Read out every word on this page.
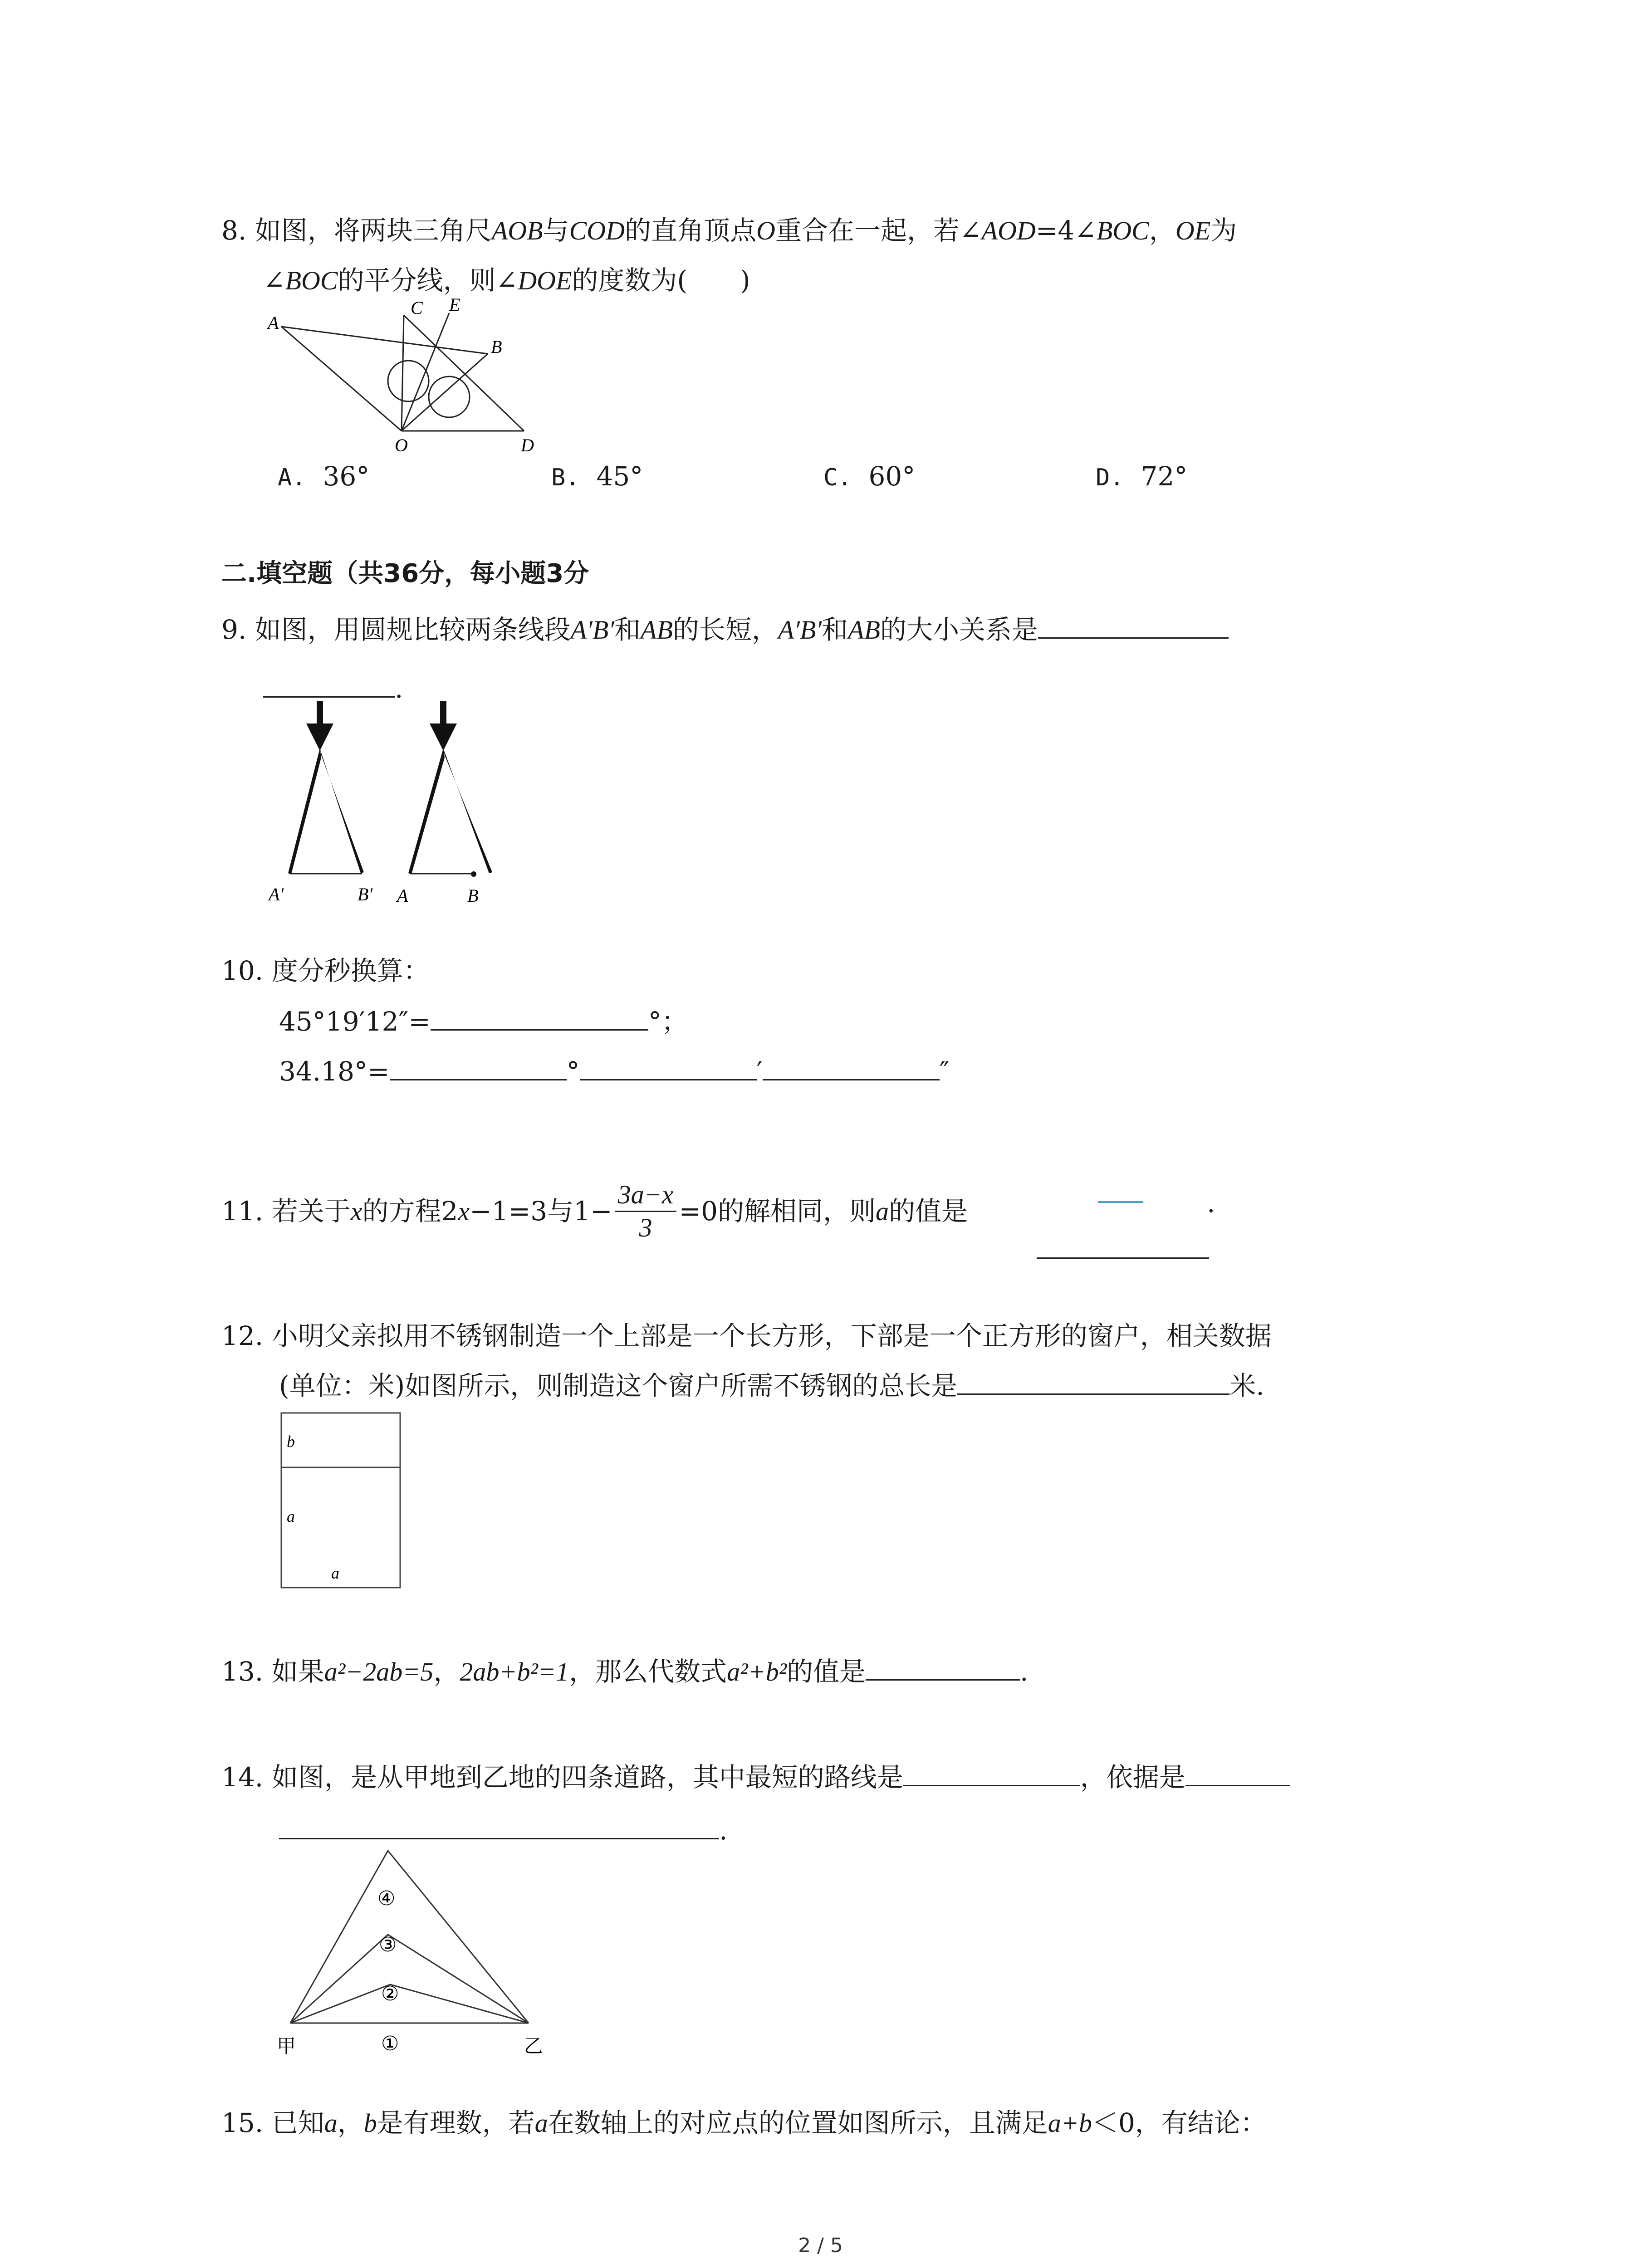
8. 如图，将两块三角尺AOB与COD的直角顶点O重合在一起，若∠AOD=4∠BOC，OE为
∠BOC的平分线，则∠DOE的度数为(　　)
A
B
C E
O	D
A. 36°	B. 45°	C. 60°	D. 72°
二.填空题（共36分，每小题3分
9. 如图，用圆规比较两条线段A′B′和AB的长短，A′B′和AB的大小关系是
.
A′	B′ A	B
10. 度分秒换算：
45°19′12″=	°；
34.18°=	°	′	″
11. 若关于x的方程2x−1=3与$1- \frac{3a-x}{3} =0$的解相同，则a的值是	.
12. 小明父亲拟用不锈钢制造一个上部是一个长方形，下部是一个正方形的窗户，相关数据
(单位：米)如图所示，则制造这个窗户所需不锈钢的总长是	米.
b
a
a
13. 如果a²−2ab=5，2ab+b²=1，那么代数式a²+b²的值是	.
14. 如图，是从甲地到乙地的四条道路，其中最短的路线是	，依据是
.
甲	乙
①
②
③
④
15. 已知a，b是有理数，若a在数轴上的对应点的位置如图所示，且满足a+b＜0，有结论：
2 / 5
